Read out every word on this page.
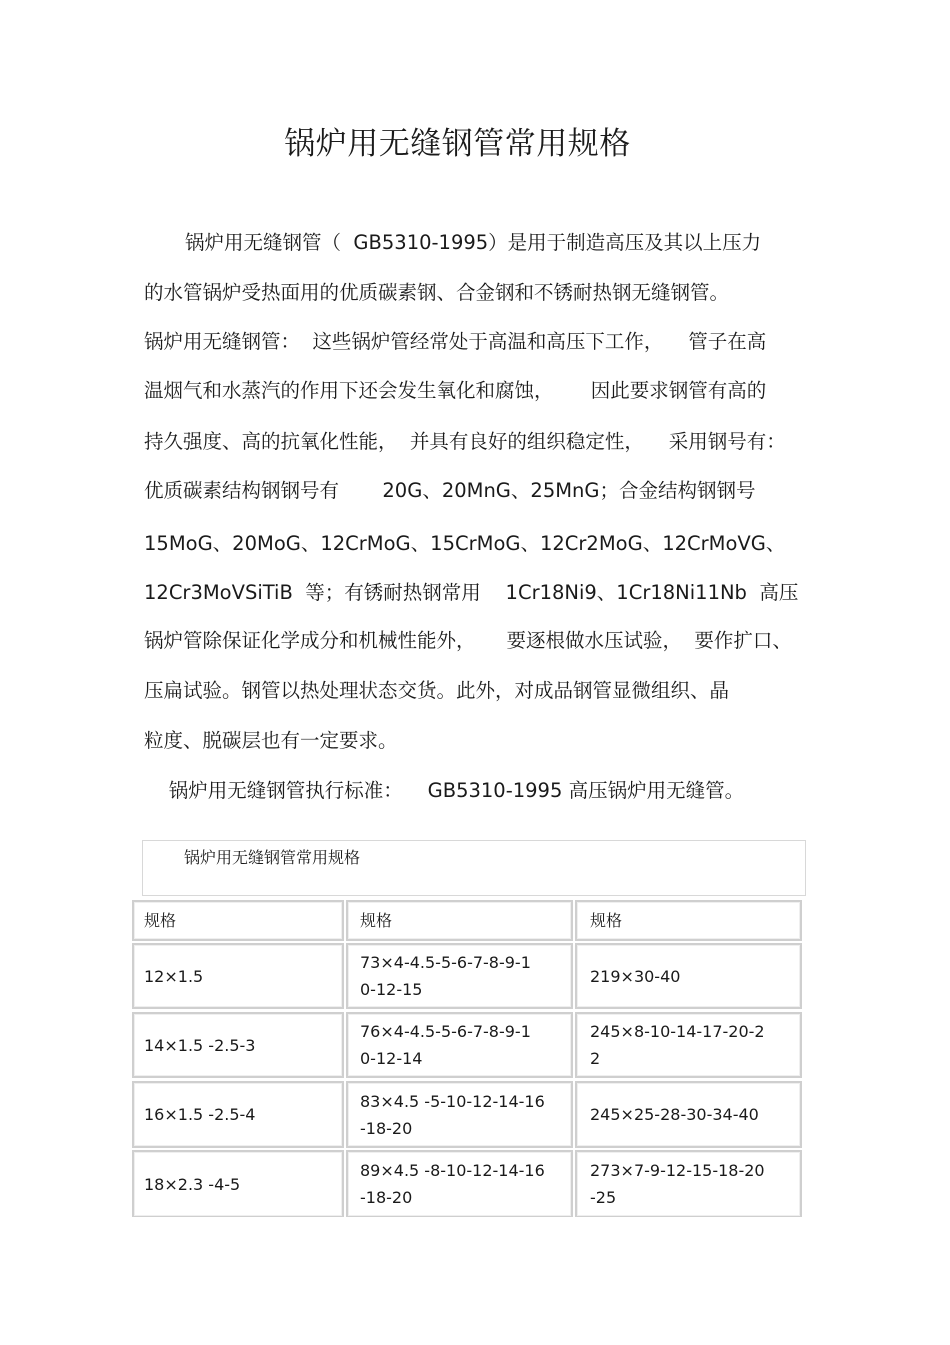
锅炉用无缝钢管常用规格
锅炉用无缝钢管（  GB5310-1995）是用于制造高压及其以上压力
的水管锅炉受热面用的优质碳素钢、合金钢和不锈耐热钢无缝钢管。
锅炉用无缝钢管：  这些锅炉管经常处于高温和高压下工作，    管子在高
温烟气和水蒸汽的作用下还会发生氧化和腐蚀，      因此要求钢管有高的
持久强度、高的抗氧化性能，  并具有良好的组织稳定性，    采用钢号有：
优质碳素结构钢钢号有       20G、20MnG、25MnG；合金结构钢钢号
15MoG、20MoG、12CrMoG、15CrMoG、12Cr2MoG、12CrMoVG、
12Cr3MoVSiTiB  等；有锈耐热钢常用    1Cr18Ni9、1Cr18Ni11Nb  高压
锅炉管除保证化学成分和机械性能外，     要逐根做水压试验，  要作扩口、
压扁试验。钢管以热处理状态交货。此外，对成品钢管显微组织、晶
粒度、脱碳层也有一定要求。
锅炉用无缝钢管执行标准：    GB5310-1995 高压锅炉用无缝管。
锅炉用无缝钢管常用规格
规格	规格	规格
12×1.5
73×4-4.5-5-6-7-8-9-1
0-12-15
219×30-40
14×1.5 -2.5-3
76×4-4.5-5-6-7-8-9-1
0-12-14
245×8-10-14-17-20-2
2
16×1.5 -2.5-4
83×4.5 -5-10-12-14-16
-18-20
245×25-28-30-34-40
18×2.3 -4-5
89×4.5 -8-10-12-14-16
-18-20
273×7-9-12-15-18-20
-25
